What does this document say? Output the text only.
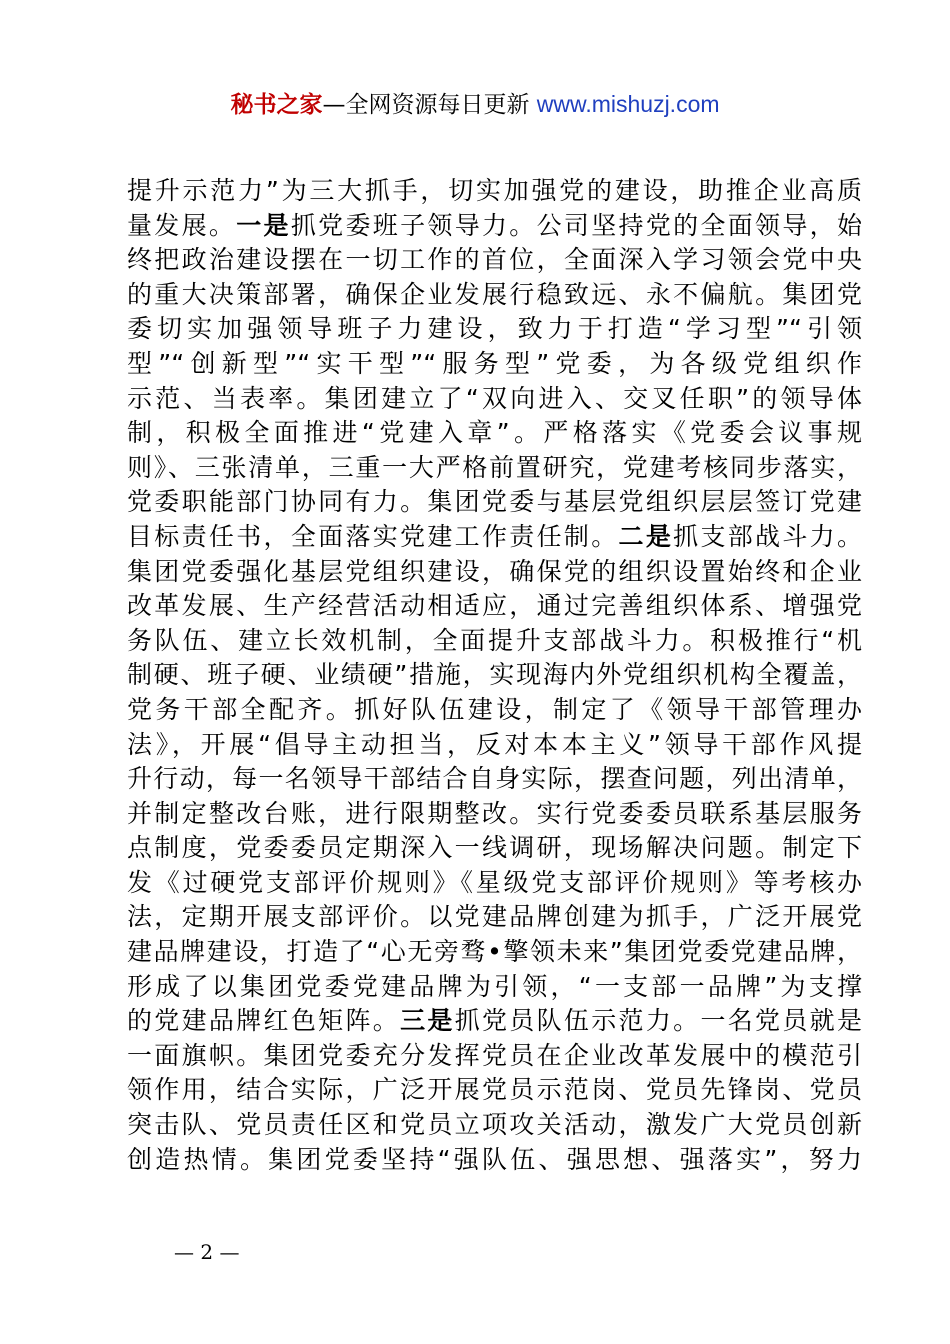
秘书之家—全网资源每日更新 www.mishuzj.com
提升示范力”为三大抓手，切实加强党的建设，助推企业高质
量发展。一是抓党委班子领导力。公司坚持党的全面领导，始
终把政治建设摆在一切工作的首位，全面深入学习领会党中央
的重大决策部署，确保企业发展行稳致远、永不偏航。集团党
委切实加强领导班子力建设，致力于打造“学习型”“引领
型”“创新型”“实干型”“服务型”党委，为各级党组织作
示范、当表率。集团建立了“双向进入、交叉任职”的领导体
制，积极全面推进“党建入章”。严格落实《党委会议事规
则》、三张清单，三重一大严格前置研究，党建考核同步落实，
党委职能部门协同有力。集团党委与基层党组织层层签订党建
目标责任书，全面落实党建工作责任制。二是抓支部战斗力。
集团党委强化基层党组织建设，确保党的组织设置始终和企业
改革发展、生产经营活动相适应，通过完善组织体系、增强党
务队伍、建立长效机制，全面提升支部战斗力。积极推行“机
制硬、班子硬、业绩硬”措施，实现海内外党组织机构全覆盖，
党务干部全配齐。抓好队伍建设，制定了《领导干部管理办
法》，开展“倡导主动担当，反对本本主义”领导干部作风提
升行动，每一名领导干部结合自身实际，摆查问题，列出清单，
并制定整改台账，进行限期整改。实行党委委员联系基层服务
点制度，党委委员定期深入一线调研，现场解决问题。制定下
发《过硬党支部评价规则》《星级党支部评价规则》等考核办
法，定期开展支部评价。以党建品牌创建为抓手，广泛开展党
建品牌建设，打造了“心无旁骛•擎领未来”集团党委党建品牌，
形成了以集团党委党建品牌为引领，“一支部一品牌”为支撑
的党建品牌红色矩阵。三是抓党员队伍示范力。一名党员就是
一面旗帜。集团党委充分发挥党员在企业改革发展中的模范引
领作用，结合实际，广泛开展党员示范岗、党员先锋岗、党员
突击队、党员责任区和党员立项攻关活动，激发广大党员创新
创造热情。集团党委坚持“强队伍、强思想、强落实”，努力
— 2 —
